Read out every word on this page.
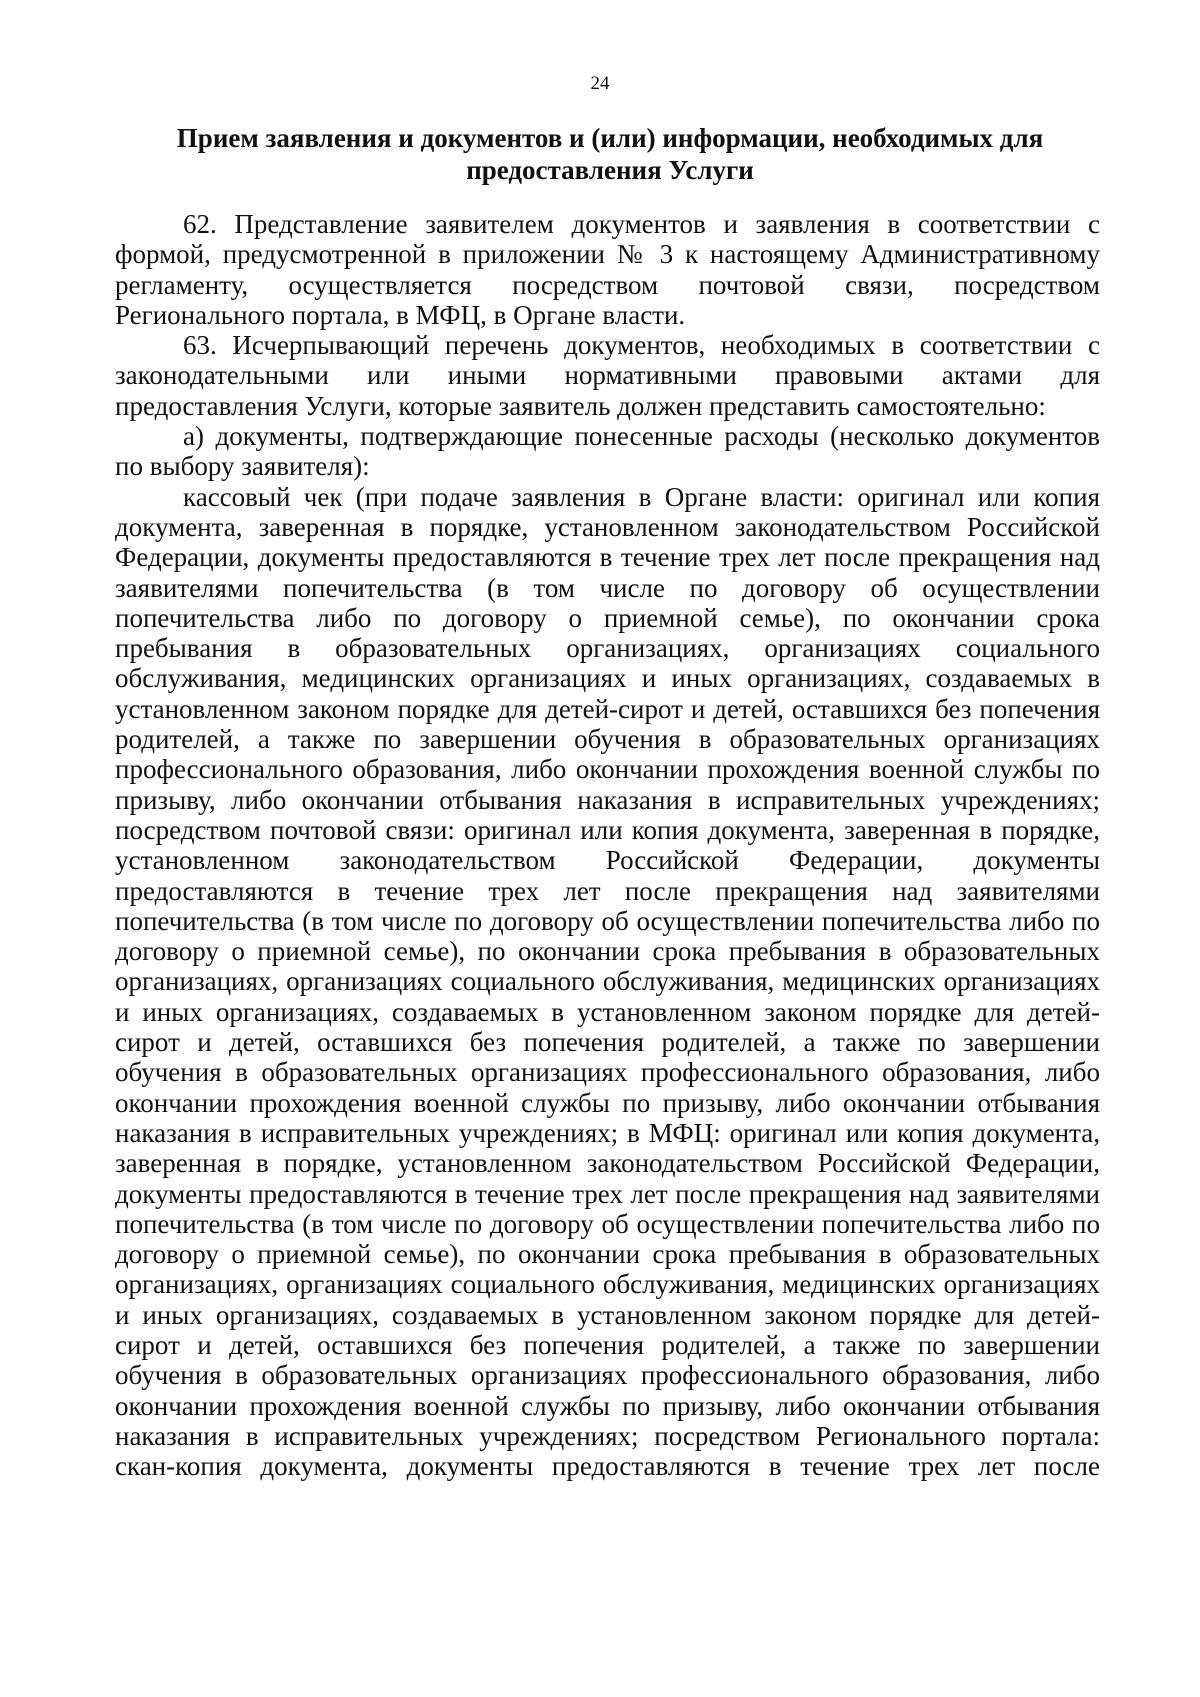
24
Прием заявления и документов и (или) информации, необходимых для предоставления Услуги

62. Представление заявителем документов и заявления в соответствии с формой, предусмотренной в приложении № 3 к настоящему Административному регламенту, осуществляется посредством почтовой связи, посредством Регионального портала, в МФЦ, в Органе власти.

63. Исчерпывающий перечень документов, необходимых в соответствии с законодательными или иными нормативными правовыми актами для предоставления Услуги, которые заявитель должен представить самостоятельно:

а) документы, подтверждающие понесенные расходы (несколько документов по выбору заявителя):

кассовый чек (при подаче заявления в Органе власти: оригинал или копия документа, заверенная в порядке, установленном законодательством Российской Федерации, документы предоставляются в течение трех лет после прекращения над заявителями попечительства (в том числе по договору об осуществлении попечительства либо по договору о приемной семье), по окончании срока пребывания в образовательных организациях, организациях социального обслуживания, медицинских организациях и иных организациях, создаваемых в установленном законом порядке для детей-сирот и детей, оставшихся без попечения родителей, а также по завершении обучения в образовательных организациях профессионального образования, либо окончании прохождения военной службы по призыву, либо окончании отбывания наказания в исправительных учреждениях; посредством почтовой связи: оригинал или копия документа, заверенная в порядке, установленном законодательством Российской Федерации, документы предоставляются в течение трех лет после прекращения над заявителями попечительства (в том числе по договору об осуществлении попечительства либо по договору о приемной семье), по окончании срока пребывания в образовательных организациях, организациях социального обслуживания, медицинских организациях и иных организациях, создаваемых в установленном законом порядке для детей-сирот и детей, оставшихся без попечения родителей, а также по завершении обучения в образовательных организациях профессионального образования, либо окончании прохождения военной службы по призыву, либо окончании отбывания наказания в исправительных учреждениях; в МФЦ: оригинал или копия документа, заверенная в порядке, установленном законодательством Российской Федерации, документы предоставляются в течение трех лет после прекращения над заявителями попечительства (в том числе по договору об осуществлении попечительства либо по договору о приемной семье), по окончании срока пребывания в образовательных организациях, организациях социального обслуживания, медицинских организациях и иных организациях, создаваемых в установленном законом порядке для детей-сирот и детей, оставшихся без попечения родителей, а также по завершении обучения в образовательных организациях профессионального образования, либо окончании прохождения военной службы по призыву, либо окончании отбывания наказания в исправительных учреждениях; посредством Регионального портала: скан-копия документа, документы предоставляются в течение трех лет после
